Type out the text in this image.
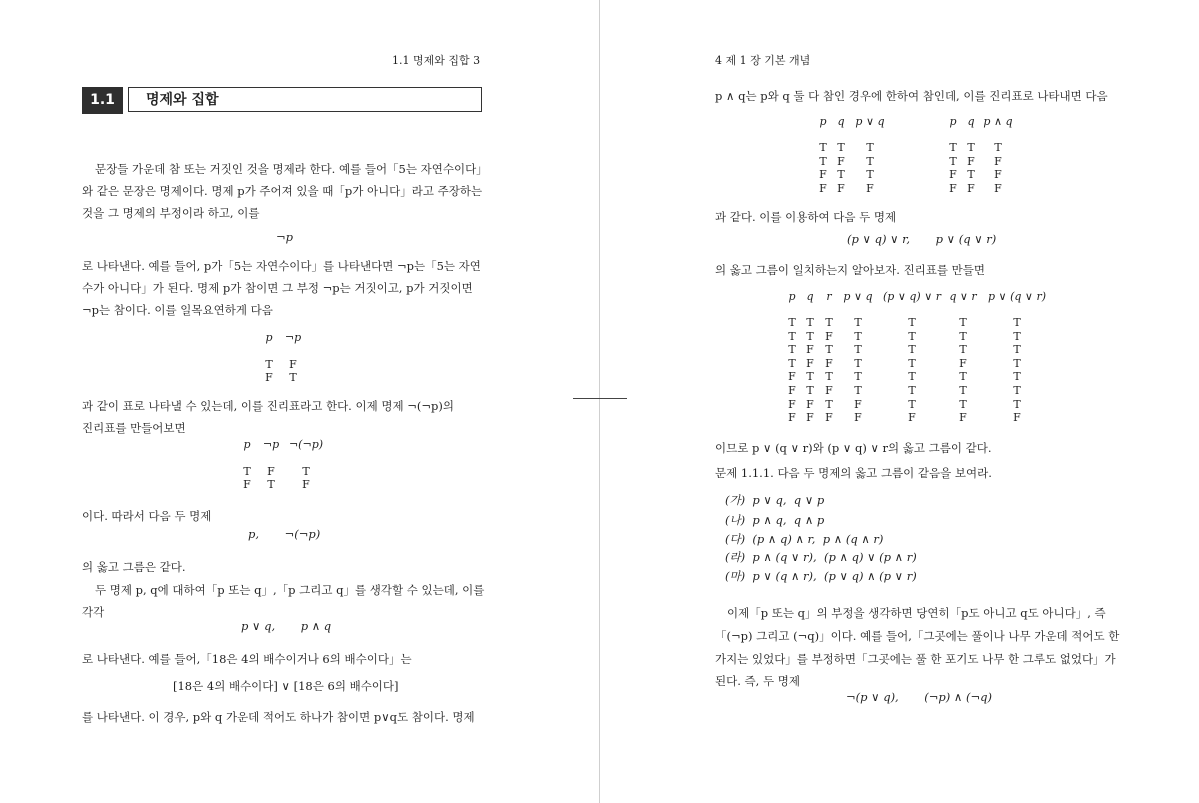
1.1 명제와 집합 3
1.1	명제와 집합
문장들 가운데 참 또는 거짓인 것을 명제라 한다. 예를 들어「5는 자연수이다」
와 같은 문장은 명제이다. 명제 p가 주어져 있을 때「p가 아니다」라고 주장하는
것을 그 명제의 부정이라 하고, 이를
¬p
로 나타낸다. 예를 들어, p가「5는 자연수이다」를 나타낸다면 ¬p는「5는 자연
수가 아니다」가 된다. 명제 p가 참이면 그 부정 ¬p는 거짓이고, p가 거짓이면
¬p는 참이다. 이를 일목요연하게 다음
p	¬p
T	F
F	T
과 같이 표로 나타낼 수 있는데, 이를 진리표라고 한다. 이제 명제 ¬(¬p)의
진리표를 만들어보면
p	¬p ¬(¬p)
T	F	T
F	T	F
이다. 따라서 다음 두 명제
p,       ¬(¬p)
의 옳고 그름은 같다.
두 명제 p, q에 대하여「p 또는 q」,「p 그리고 q」를 생각할 수 있는데, 이를
각각
p ∨ q,       p ∧ q
로 나타낸다. 예를 들어,「18은 4의 배수이거나 6의 배수이다」는
[18은 4의 배수이다] ∨ [18은 6의 배수이다]
를 나타낸다. 이 경우, p와 q 가운데 적어도 하나가 참이면 p∨q도 참이다. 명제
4 제 1 장 기본 개념
p ∧ q는 p와 q 둘 다 참인 경우에 한하여 참인데, 이를 진리표로 나타내면 다음
p q p ∨ q
T T	T
T F	T
F T	T
F F	F
p q p ∧ q
T T	T
T F	F
F T	F
F F	F
과 같다. 이를 이용하여 다음 두 명제
(p ∨ q) ∨ r,       p ∨ (q ∨ r)
의 옳고 그름이 일치하는지 알아보자. 진리표를 만들면
p q	r	p ∨ q (p ∨ q) ∨ r q ∨ r	p ∨ (q ∨ r)
T T T	T	T	T	T
T T F	T	T	T	T
T F T	T	T	T	T
T F F	T	T	F	T
F T T	T	T	T	T
F T F	T	T	T	T
F F T	F	T	T	T
F F F	F	F	F	F
이므로 p ∨ (q ∨ r)와 (p ∨ q) ∨ r의 옳고 그름이 같다.
문제 1.1.1. 다음 두 명제의 옳고 그름이 같음을 보여라.
(가)  p ∨ q,  q ∨ p
(나)  p ∧ q,  q ∧ p
(다)  (p ∧ q) ∧ r,  p ∧ (q ∧ r)
(라)  p ∧ (q ∨ r),  (p ∧ q) ∨ (p ∧ r)
(마)  p ∨ (q ∧ r),  (p ∨ q) ∧ (p ∨ r)
이제「p 또는 q」의 부정을 생각하면 당연히「p도 아니고 q도 아니다」, 즉
「(¬p) 그리고 (¬q)」이다. 예를 들어,「그곳에는 풀이나 나무 가운데 적어도 한
가지는 있었다」를 부정하면「그곳에는 풀 한 포기도 나무 한 그루도 없었다」가
된다. 즉, 두 명제
¬(p ∨ q),       (¬p) ∧ (¬q)
